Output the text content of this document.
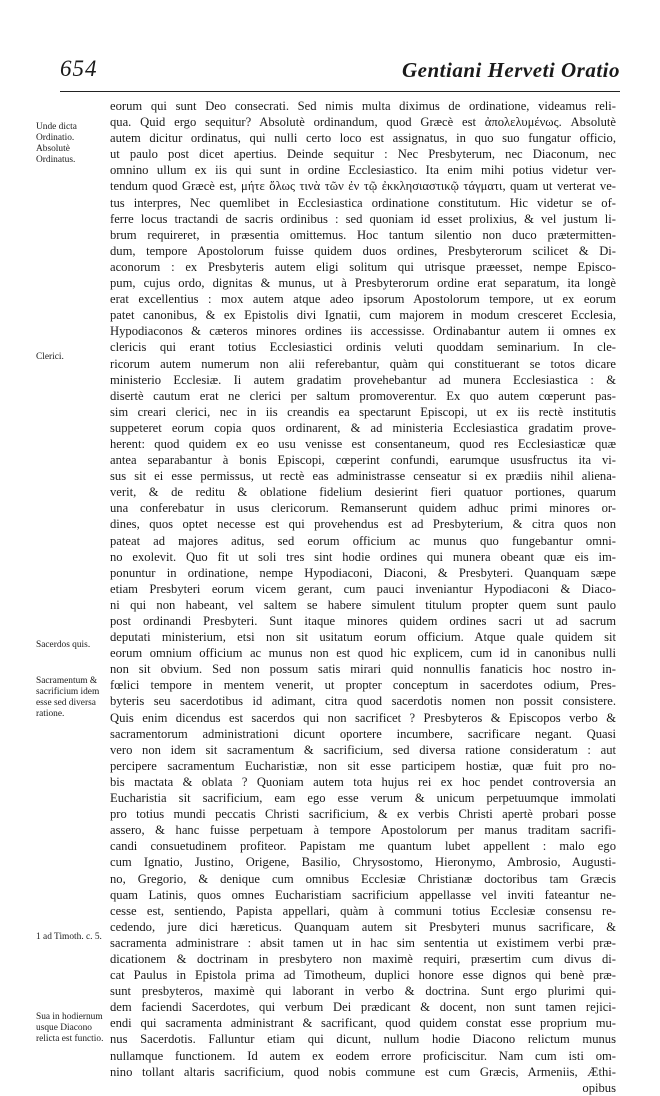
654	Gentiani Herveti Oratio
Unde dicta Ordinatio. Absolutè Ordinatus.
Clerici.
Sacerdos quis.
Sacramentum & sacrificium idem esse sed diversa ratione.
1 ad Timoth. c. 5.
Sua in hodiernum usque Diacono relicta est functio.
eorum qui sunt Deo consecrati. Sed nimis multa diximus de ordinatione, videamus reli-
qua. Quid ergo sequitur? Absolutè ordinandum, quod Græcè est ἀπολελυμένως. Absolutè
autem dicitur ordinatus, qui nulli certo loco est assignatus, in quo suo fungatur officio,
ut paulo post dicet apertius. Deinde sequitur : Nec Presbyterum, nec Diaconum, nec
omnino ullum ex iis qui sunt in ordine Ecclesiastico. Ita enim mihi potius videtur ver-
tendum quod Græcè est, μήτε ὅλως τινὰ τῶν ἐν τῷ ἐκκλησιαστικῷ τάγματι, quam ut verterat ve-
tus interpres, Nec quemlibet in Ecclesiastica ordinatione constitutum. Hic videtur se of-
ferre locus tractandi de sacris ordinibus : sed quoniam id esset prolixius, & vel justum li-
brum requireret, in præsentia omittemus. Hoc tantum silentio non duco prætermitten-
dum, tempore Apostolorum fuisse quidem duos ordines, Presbyterorum scilicet & Di-
aconorum : ex Presbyteris autem eligi solitum qui utrisque præesset, nempe Episco-
pum, cujus ordo, dignitas & munus, ut à Presbyterorum ordine erat separatum, ita longè
erat excellentius : mox autem atque adeo ipsorum Apostolorum tempore, ut ex eorum
patet canonibus, & ex Epistolis divi Ignatii, cum majorem in modum cresceret Ecclesia,
Hypodiaconos & cæteros minores ordines iis accessisse. Ordinabantur autem ii omnes ex
clericis qui erant totius Ecclesiastici ordinis veluti quoddam seminarium. In cle-
ricorum autem numerum non alii referebantur, quàm qui constituerant se totos dicare
ministerio Ecclesiæ. Ii autem gradatim provehebantur ad munera Ecclesiastica : &
disertè cautum erat ne clerici per saltum promoverentur. Ex quo autem cœperunt pas-
sim creari clerici, nec in iis creandis ea spectarunt Episcopi, ut ex iis rectè institutis
suppeteret eorum copia quos ordinarent, & ad ministeria Ecclesiastica gradatim prove-
herent: quod quidem ex eo usu venisse est consentaneum, quod res Ecclesiasticæ quæ
antea separabantur à bonis Episcopi, cœperint confundi, earumque ususfructus ita vi-
sus sit ei esse permissus, ut rectè eas administrasse censeatur si ex prædiis nihil aliena-
verit, & de reditu & oblatione fidelium desierint fieri quatuor portiones, quarum
una conferebatur in usus clericorum. Remanserunt quidem adhuc primi minores or-
dines, quos optet necesse est qui provehendus est ad Presbyterium, & citra quos non
pateat ad majores aditus, sed eorum officium ac munus quo fungebantur omni-
no exolevit. Quo fit ut soli tres sint hodie ordines qui munera obeant quæ eis im-
ponuntur in ordinatione, nempe Hypodiaconi, Diaconi, & Presbyteri. Quanquam sæpe
etiam Presbyteri eorum vicem gerant, cum pauci inveniantur Hypodiaconi & Diaco-
ni qui non habeant, vel saltem se habere simulent titulum propter quem sunt paulo
post ordinandi Presbyteri. Sunt itaque minores quidem ordines sacri ut ad sacrum
deputati ministerium, etsi non sit usitatum eorum officium. Atque quale quidem sit
eorum omnium officium ac munus non est quod hic explicem, cum id in canonibus nulli
non sit obvium. Sed non possum satis mirari quid nonnullis fanaticis hoc nostro in-
fœlici tempore in mentem venerit, ut propter conceptum in sacerdotes odium, Pres-
byteris seu sacerdotibus id adimant, citra quod sacerdotis nomen non possit consistere.
Quis enim dicendus est sacerdos qui non sacrificet ? Presbyteros & Episcopos verbo &
sacramentorum administrationi dicunt oportere incumbere, sacrificare negant. Quasi
vero non idem sit sacramentum & sacrificium, sed diversa ratione consideratum : aut
percipere sacramentum Eucharistiæ, non sit esse participem hostiæ, quæ fuit pro no-
bis mactata & oblata ? Quoniam autem tota hujus rei ex hoc pendet controversia an
Eucharistia sit sacrificium, eam ego esse verum & unicum perpetuumque immolati
pro totius mundi peccatis Christi sacrificium, & ex verbis Christi apertè probari posse
assero, & hanc fuisse perpetuam à tempore Apostolorum per manus traditam sacrifi-
candi consuetudinem profiteor. Papistam me quantum lubet appellent : malo ego
cum Ignatio, Justino, Origene, Basilio, Chrysostomo, Hieronymo, Ambrosio, Augusti-
no, Gregorio, & denique cum omnibus Ecclesiæ Christianæ doctoribus tam Græcis
quam Latinis, quos omnes Eucharistiam sacrificium appellasse vel inviti fateantur ne-
cesse est, sentiendo, Papista appellari, quàm à communi totius Ecclesiæ consensu re-
cedendo, jure dici hæreticus. Quanquam autem sit Presbyteri munus sacrificare, &
sacramenta administrare : absit tamen ut in hac sim sententia ut existimem verbi præ-
dicationem & doctrinam in presbytero non maximè requiri, præsertim cum divus di-
cat Paulus in Epistola prima ad Timotheum, duplici honore esse dignos qui benè præ-
sunt presbyteros, maximè qui laborant in verbo & doctrina. Sunt ergo plurimi qui-
dem faciendi Sacerdotes, qui verbum Dei prædicant & docent, non sunt tamen rejici-
endi qui sacramenta administrant & sacrificant, quod quidem constat esse proprium mu-
nus Sacerdotis. Falluntur etiam qui dicunt, nullum hodie Diacono relictum munus
nullamque functionem. Id autem ex eodem errore proficiscitur. Nam cum isti om-
nino tollant altaris sacrificium, quod nobis commune est cum Græcis, Armeniis, Æthi-
opibus
